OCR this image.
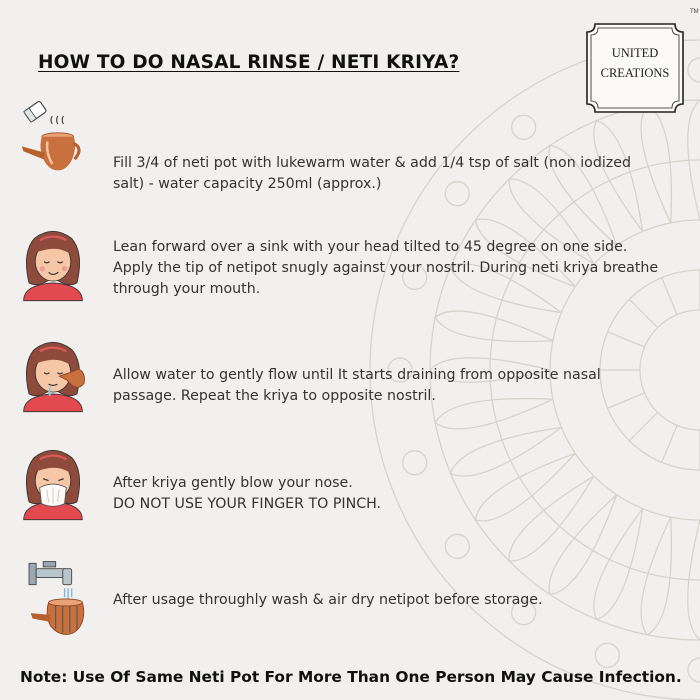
HOW TO DO NASAL RINSE / NETI KRIYA?	UNITED
CREATIONS
TM
Fill 3/4 of neti pot with lukewarm water & add 1/4 tsp of salt (non iodized
salt) - water capacity 250ml (approx.)
Lean forward over a sink with your head tilted to 45 degree on one side.
Apply the tip of netipot snugly against your nostril. During neti kriya breathe
through your mouth.
Allow water to gently flow until It starts draining from opposite nasal
passage. Repeat the kriya to opposite nostril.
After kriya gently blow your nose.
DO NOT USE YOUR FINGER TO PINCH.
After usage throughly wash & air dry netipot before storage.
Note: Use Of Same Neti Pot For More Than One Person May Cause Infection.
